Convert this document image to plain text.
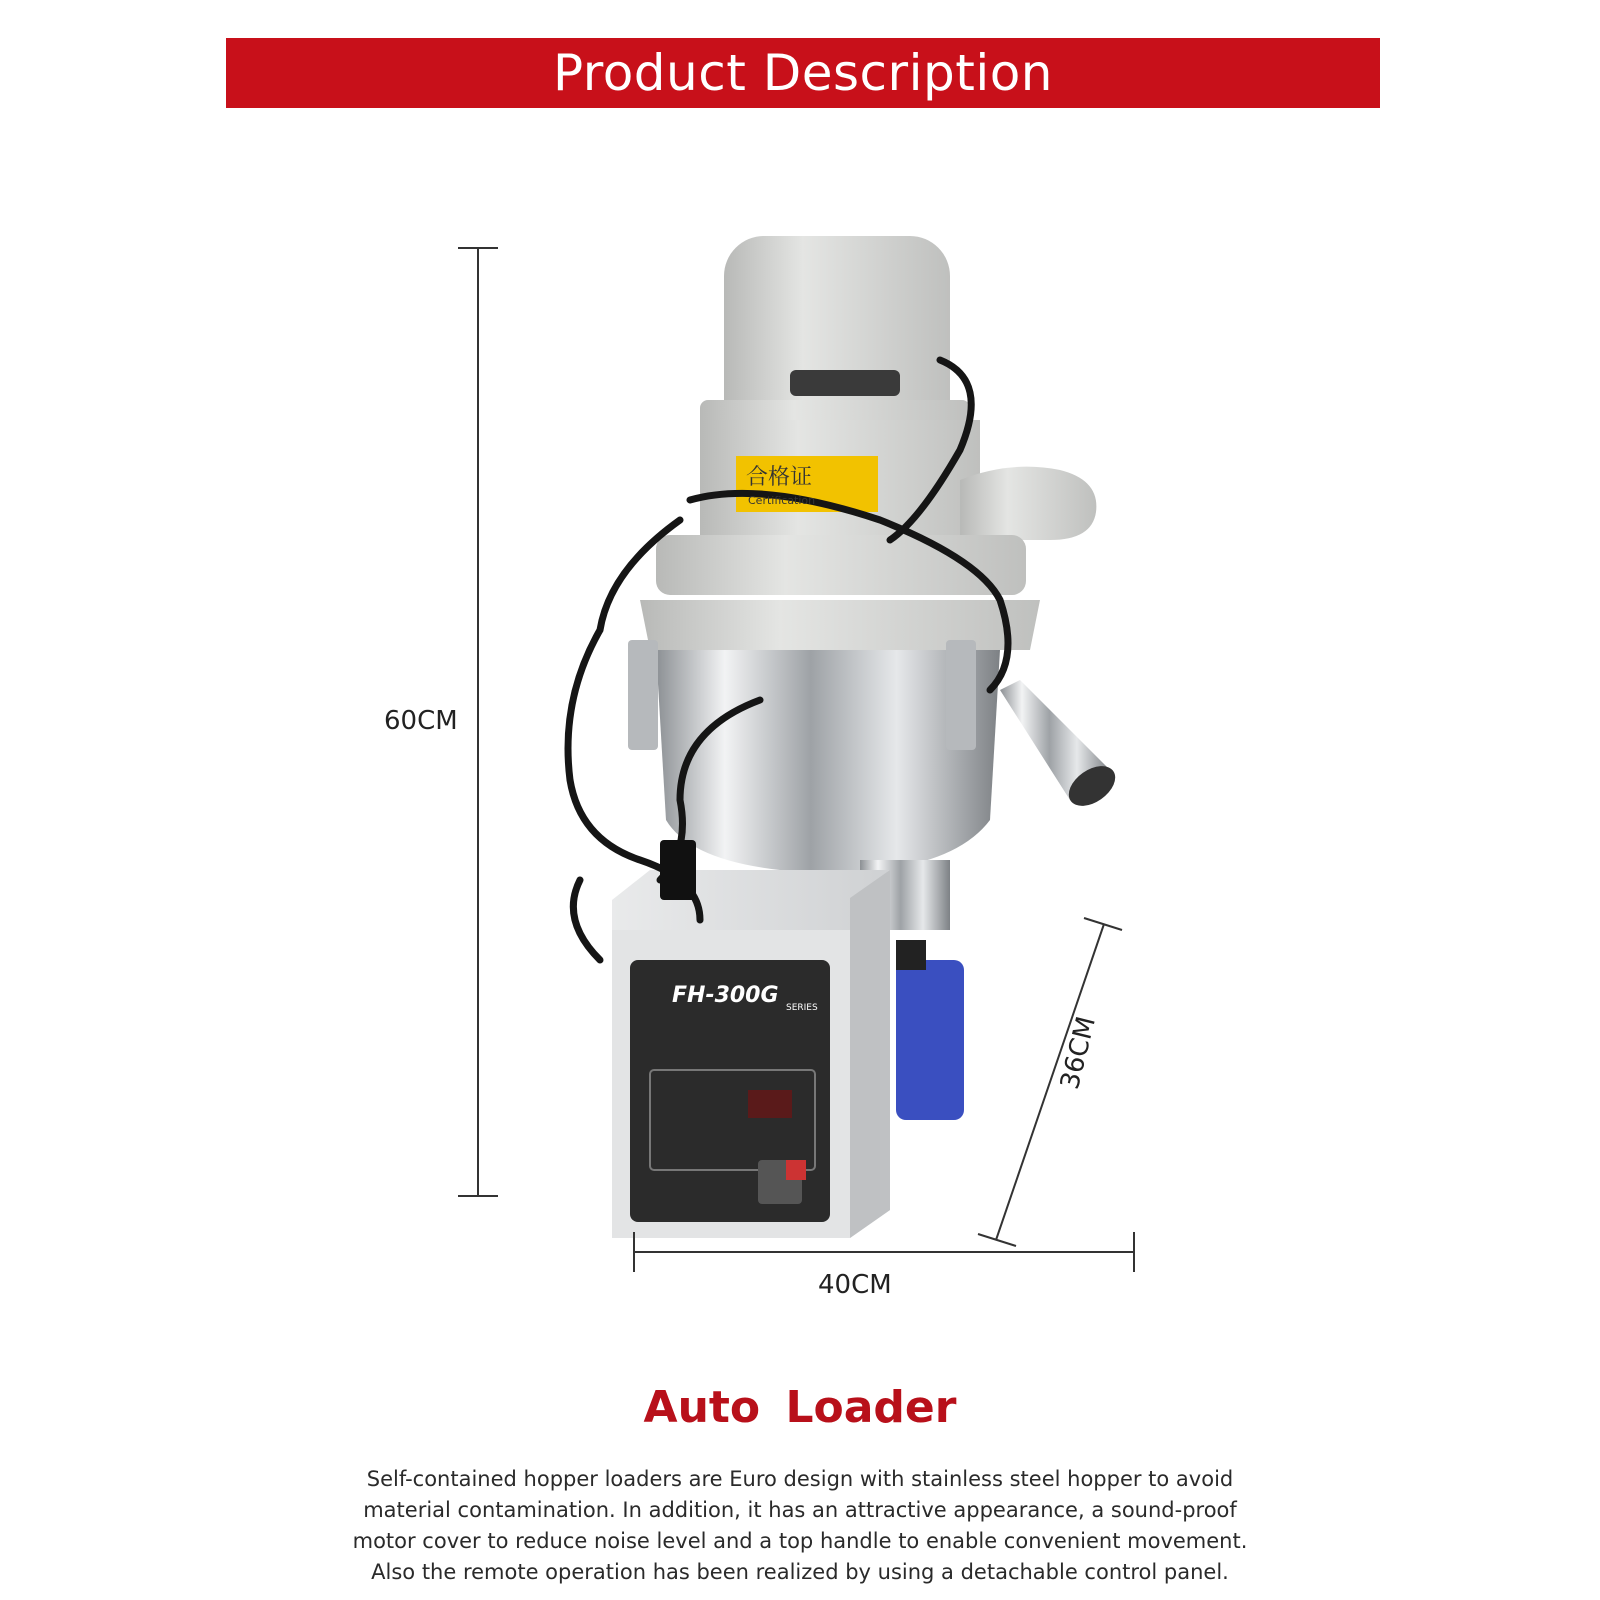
Product Description
FH-300G SERIES
合格证
Certification
60CM
40CM
36CM
Auto Loader
Self-contained hopper loaders are Euro design with stainless steel hopper to avoid
material contamination. In addition, it has an attractive appearance, a sound-proof
motor cover to reduce noise level and a top handle to enable convenient movement.
Also the remote operation has been realized by using a detachable control panel.
